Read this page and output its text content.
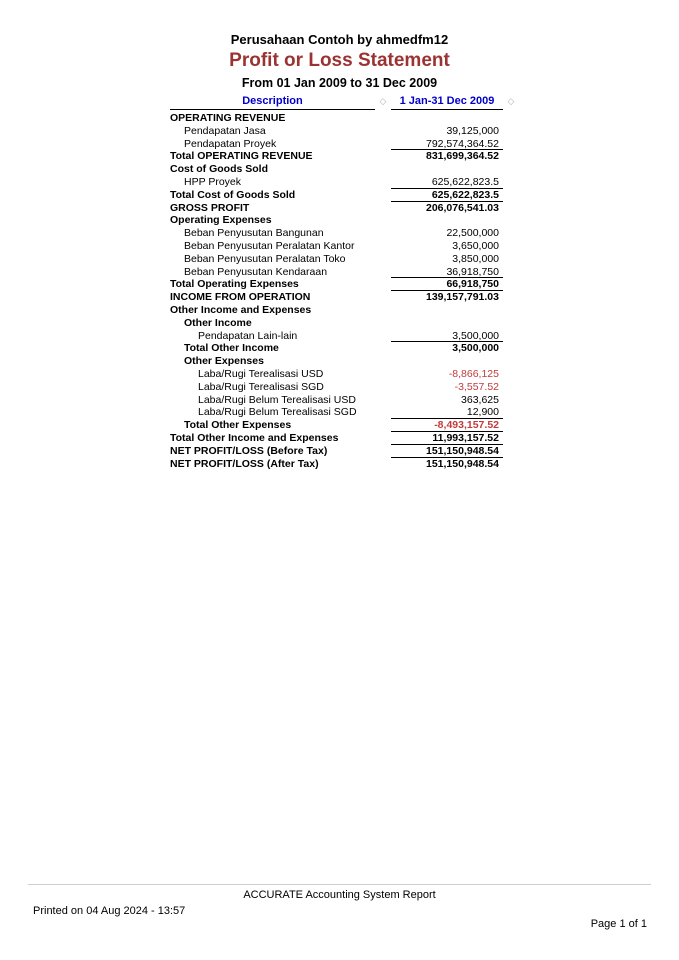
Perusahaan Contoh by ahmedfm12
Profit or Loss Statement
From 01 Jan 2009 to 31 Dec 2009
Description	◇	1 Jan-31 Dec 2009	◇
OPERATING REVENUE
Pendapatan Jasa	39,125,000
Pendapatan Proyek	792,574,364.52
Total OPERATING REVENUE	831,699,364.52
Cost of Goods Sold
HPP Proyek	625,622,823.5
Total Cost of Goods Sold	625,622,823.5
GROSS PROFIT	206,076,541.03
Operating Expenses
Beban Penyusutan Bangunan	22,500,000
Beban Penyusutan Peralatan Kantor	3,650,000
Beban Penyusutan Peralatan Toko	3,850,000
Beban Penyusutan Kendaraan	36,918,750
Total Operating Expenses	66,918,750
INCOME FROM OPERATION	139,157,791.03
Other Income and Expenses
Other Income
Pendapatan Lain-lain	3,500,000
Total Other Income	3,500,000
Other Expenses
Laba/Rugi Terealisasi USD	-8,866,125
Laba/Rugi Terealisasi SGD	-3,557.52
Laba/Rugi Belum Terealisasi USD	363,625
Laba/Rugi Belum Terealisasi SGD	12,900
Total Other Expenses	-8,493,157.52
Total Other Income and Expenses	11,993,157.52
NET PROFIT/LOSS (Before Tax)	151,150,948.54
NET PROFIT/LOSS (After Tax)	151,150,948.54
ACCURATE Accounting System Report
Printed on 04 Aug 2024 - 13:57
Page 1 of 1
